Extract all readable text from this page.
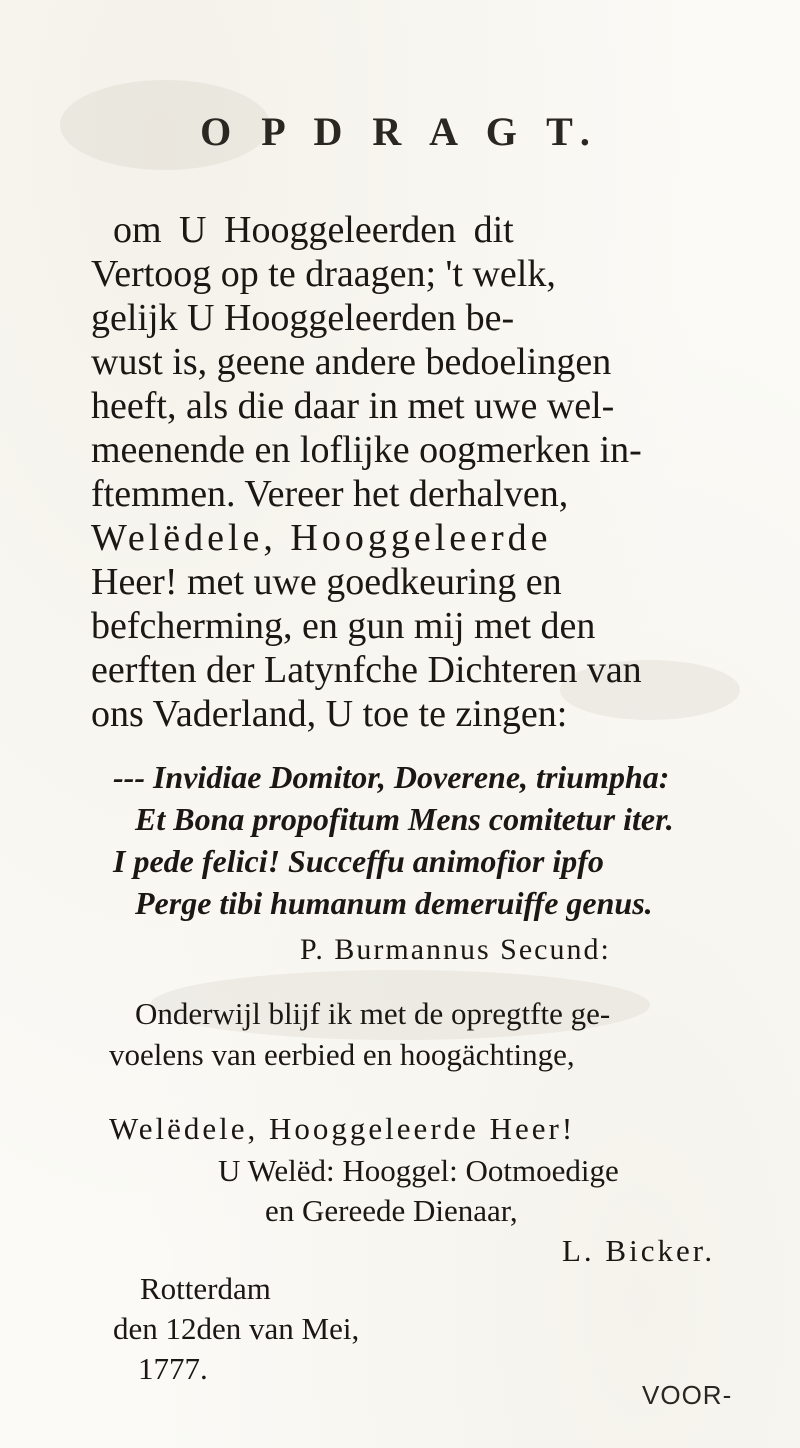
O P D R A G T.
om U Hooggeleerden dit
Vertoog op te draagen; 't welk,
gelijk U Hooggeleerden be-
wust is, geene andere bedoelingen
heeft, als die daar in met uwe wel-
meenende en loflijke oogmerken in-
ftemmen. Vereer het derhalven,
Welëdele, Hooggeleerde
Heer! met uwe goedkeuring en
befcherming, en gun mij met den
eerften der Latynfche Dichteren van
ons Vaderland, U toe te zingen:
--- Invidiae Domitor, Doverene, triumpha:
Et Bona propofitum Mens comitetur iter.
I pede felici! Succeffu animofior ipfo
Perge tibi humanum demeruiffe genus.
P. Burmannus Secund:
Onderwijl blijf ik met de opregtfte ge-
voelens van eerbied en hoogächtinge,
Welëdele, Hooggeleerde Heer!
U Welëd: Hooggel: Ootmoedige
en Gereede Dienaar,
L. Bicker.
Rotterdam
den 12den van Mei,
1777.
VOOR-
